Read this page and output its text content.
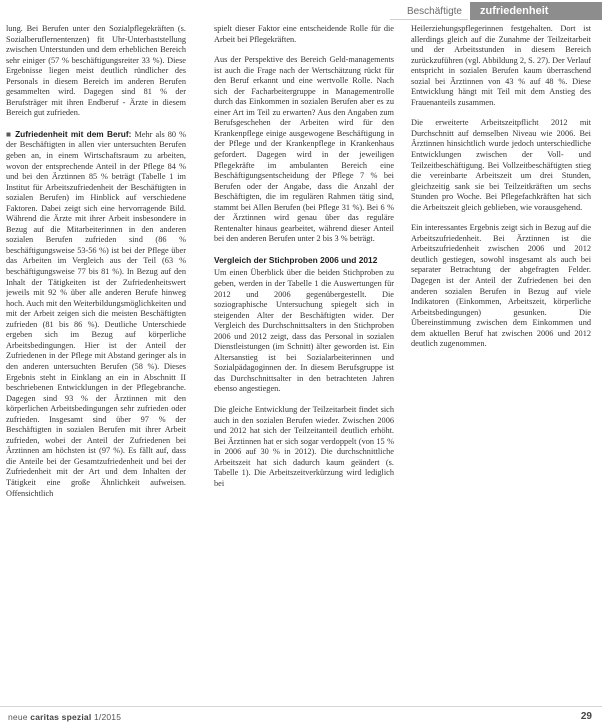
Beschäftigte	zufriedenheit

lung. Bei Berufen unter den Sozialpflegekräften (s. Sozialberuflernentenzen) fit Uhr-Unterbaststellung zwischen Unterstunden und dem erheblichen Bereich sehr einiger (57 % beschäftigungsreiter 33 %). Diese Ergebnisse liegen meist deutlich ründlicher des Personals in diesem Bereich im anderen Berufen gesammelten wird. Dagegen sind 81 % der Berufsträger mit ihren Endberuf - Ärzte in diesem Bereich gut zufrieden.

■ Zufriedenheit mit dem Beruf: Mehr als 80 % der Beschäftigten in allen vier untersuchten Berufen geben an, in einem Wirtschaftsraum zu arbeiten, wovon der entsprechende Anteil in der Pflege 84 % und bei den Ärztinnen 85 % beträgt (Tabelle 1 im Institut für Arbeitszufriedenheit der Beschäftigten in sozialen Berufen) im Hinblick auf verschiedene Faktoren. Dabei zeigt sich eine hervorragende Bild. Während die Ärzte mit ihrer Arbeit insbesondere in Bezug auf die Mitarbeiterinnen in den anderen sozialen Berufen zufrieden sind (86 % beschäftigungsweise 53-56 %) ist bei der Pflege über das Arbeiten im Vergleich aus der Teil (63 % beschäftigungsweise 77 bis 81 %). In Bezug auf den Inhalt der Tätigkeiten ist der Zufriedenheitswert jeweils mit 92 % über alle anderen Berufe hinweg hoch. Auch mit den Weiterbildungsmöglichkeiten und mit der Arbeit zeigen sich die meisten Beschäftigten zufrieden (81 bis 86 %). Deutliche Unterschiede ergeben sich im Bezug auf körperliche Arbeitsbedingungen. Hier ist der Anteil der Zufriedenen in der Pflege mit Abstand geringer als in den anderen untersuchten Berufen (58 %). Dieses Ergebnis steht in Einklang an ein in Abschnitt II beschriebenen Entwicklungen in der Pflegebranche. Dagegen sind 93 % der Ärztinnen mit den körperlichen Arbeitsbedingungen sehr zufrieden oder zufrieden. Insgesamt sind über 97 % der Beschäftigten in sozialen Berufen mit ihrer Arbeit zufrieden, wobei der Anteil der Zufriedenen bei Ärztinnen am höchsten ist (97 %). Es fällt auf, dass die Anteile bei der Gesamtzufriedenheit und bei der Zufriedenheit mit der Art und dem Inhalten der Tätigkeit eine große Ähnlichkeit aufweisen. Offensichtlich

spielt dieser Faktor eine entscheidende Rolle für die Arbeit bei Pflegekräften.

Aus der Perspektive des Bereich Geld-managements ist auch die Frage nach der Wertschätzung rückt für den Beruf erkannt und eine wertvolle Rolle. Nach sich der Facharbeitergruppe in Managementrolle durch das Einkommen in sozialen Berufen aber es zu einer Art im Teil zu erwarten? Aus den Angaben zum Berufsgeschehen der Arbeiten wird für den Krankenpflege einige ausgewogene Beschäftigung in der Pflege und der Krankenpflege in Krankenhaus gefordert. Dagegen wird in der jeweiligen Pflegekräfte im ambulanten Bereich eine Beschäftigungsentscheidung der Pflege 7 % bei Berufen oder der Angabe, dass die Anzahl der Beschäftigten, die im regulären Rahmen tätig sind, stammt bei Allen Berufen (bei Pflege 31 %). Bei 6 % der Ärztinnen wird genau über das reguläre Rentenalter hinaus gearbeitet, während dieser Anteil bei den anderen Berufen unter 2 bis 3 % beträgt.

Vergleich der Stichproben 2006 und 2012

Um einen Überblick über die beiden Stichproben zu geben, werden in der Tabelle 1 die Auswertungen für 2012 und 2006 gegenübergestellt. Die soziographische Untersuchung spiegelt sich in steigenden Alter der Beschäftigten wider. Der Vergleich des Durchschnittsalters in den Stichproben 2006 und 2012 zeigt, dass das Personal in sozialen Dienstleistungen (im Schnitt) älter geworden ist. Ein Altersanstieg ist bei Sozialarbeiterinnen und Sozialpädagoginnen der. In diesem Berufsgruppe ist das Durchschnittsalter in den betrachteten Jahren ebenso angestiegen.

Die gleiche Entwicklung der Teilzeitarbeit findet sich auch in den sozialen Berufen wieder. Zwischen 2006 und 2012 hat sich der Teilzeitanteil deutlich erhöht. Bei Ärztinnen hat er sich sogar verdoppelt (von 15 % in 2006 auf 30 % in 2012). Die durchschnittliche Arbeitszeit hat sich dadurch kaum geändert (s. Tabelle 1). Die Arbeitszeitverkürzung wird lediglich bei

Heilerziehungspflegerinnen festgehalten. Dort ist allerdings gleich auf die Zunahme der Teilzeitarbeit und der Arbeitsstunden in diesem Bereich zurückzuführen (vgl. Abbildung 2, S. 27). Der Verlauf entspricht in sozialen Berufen kaum überraschend sozial bei Ärztinnen von 43 % auf 48 %. Diese Entwicklung hängt mit Teil mit dem Anstieg des Frauenanteils zusammen.

Die erweiterte Arbeitszeitpflicht 2012 mit Durchschnitt auf demselben Niveau wie 2006. Bei Ärztinnen hinsichtlich wurde jedoch unterschiedliche Entwicklungen zwischen der Voll- und Teilzeitbeschäftigung. Bei Vollzeitbeschäftigten stieg die vereinbarte Arbeitszeit um drei Stunden, gleichzeitig sank sie bei Teilzeitkräften um sechs Stunden pro Woche. Bei Pflegefachkräften hat sich die Arbeitszeit gleich geblieben, wie vorausgehend.

Ein interessantes Ergebnis zeigt sich in Bezug auf die Arbeitszufriedenheit. Bei Ärztinnen ist die Arbeitszufriedenheit zwischen 2006 und 2012 deutlich gestiegen, sowohl insgesamt als auch bei separater Betrachtung der abgefragten Felder. Dagegen ist der Anteil der Zufriedenen bei den anderen sozialen Berufen in Bezug auf viele Indikatoren (Einkommen, Arbeitszeit, körperliche Arbeitsbedingungen) gesunken. Die Übereinstimmung zwischen dem Einkommen und dem aktuellen Beruf hat zwischen 2006 und 2012 deutlich zugenommen.

neue caritas spezial 1/2015	29
